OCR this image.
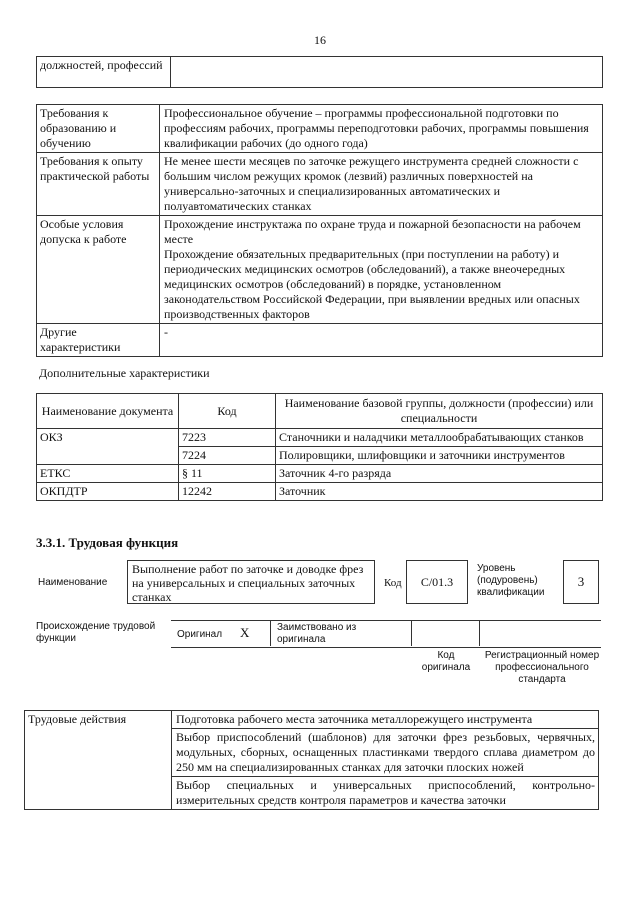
16
должностей, профессий	
Требования к образованию и обучению	Профессиональное обучение – программы профессиональной подготовки по профессиям рабочих, программы переподготовки рабочих, программы повышения квалификации рабочих (до одного года)
Требования к опыту практической работы	Не менее шести месяцев по заточке режущего инструмента средней сложности с большим числом режущих кромок (лезвий) различных поверхностей на универсально-заточных и специализированных автоматических и полуавтоматических станках
Особые условия допуска к работе	Прохождение инструктажа по охране труда и пожарной безопасности на рабочем месте
Прохождение обязательных предварительных (при поступлении на работу) и периодических медицинских осмотров (обследований), а также внеочередных медицинских осмотров (обследований) в порядке, установленном законодательством Российской Федерации, при выявлении вредных или опасных производственных факторов

Другие характеристики	-
Дополнительные характеристики
Наименование документа	Код	Наименование базовой группы, должности (профессии) или специальности
ОКЗ	7223	Станочники и наладчики металлообрабатывающих станков
	7224	Полировщики, шлифовщики и заточники инструментов
ЕТКС	§ 11	Заточник 4-го разряда
ОКПДТР	12242	Заточник
3.3.1. Трудовая функция
Наименование
Выполнение работ по заточке и доводке фрез на универсальных и специальных заточных станках
Код	C/01.3
Уровень (подуровень) квалификации
3
Происхождение трудовой функции	Оригинал X	Заимствовано из оригинала
Код оригинала
Регистрационный номер профессионального стандарта
Трудовые действия	Подготовка рабочего места заточника металлорежущего инструмента
Выбор приспособлений (шаблонов) для заточки фрез резьбовых, червячных, модульных, сборных, оснащенных пластинками твердого сплава диаметром до 250 мм на специализированных станках для заточки плоских ножей
Выбор специальных и универсальных приспособлений, контрольно-измерительных средств контроля параметров и качества заточки
